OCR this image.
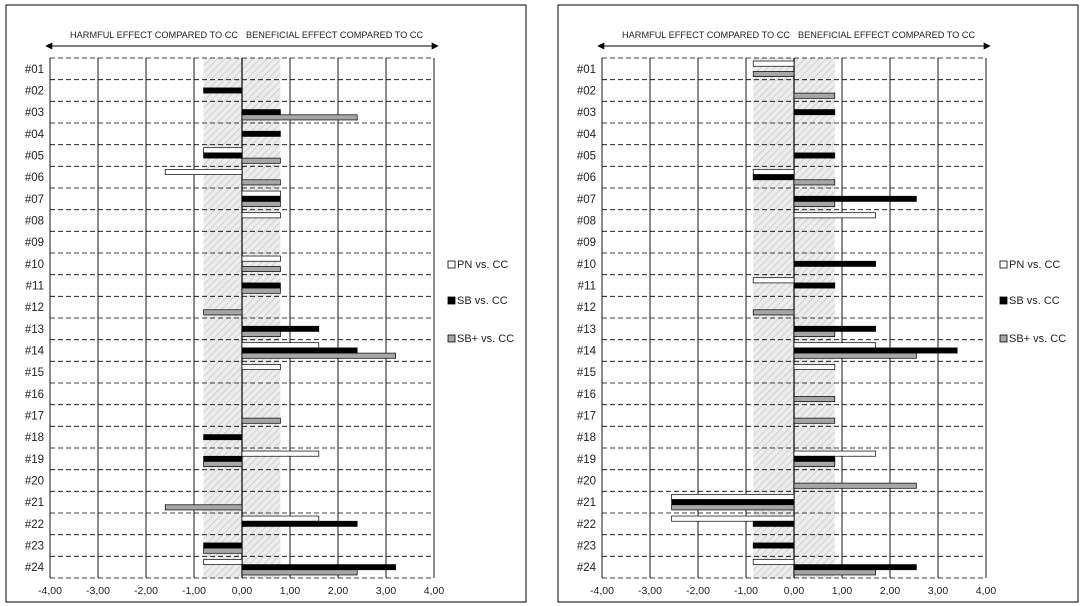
#01
#02
#03
#04
#05
#06
#07
#08
#09
#10
#11
#12
#13
#14
#15
#16
#17
#18
#19
#20
#21
#22
#23
#24
-4,00 -3,00 -2,00 -1,00 0,00	1,00	2,00	3,00	4,00
HARMFUL EFFECT COMPARED TO CC BENEFICIAL EFFECT COMPARED TO CC
PN vs. CC
SB vs. CC
SB+ vs. CC
#01
#02
#03
#04
#05
#06
#07
#08
#09
#10
#11
#12
#13
#14
#15
#16
#17
#18
#19
#20
#21
#22
#23
#24
-4,00 -3,00 -2,00 -1,00 0,00	1,00	2,00	3,00	4,00
HARMFUL EFFECT COMPARED TO CC BENEFICIAL EFFECT COMPARED TO CC
PN vs. CC
SB vs. CC
SB+ vs. CC
